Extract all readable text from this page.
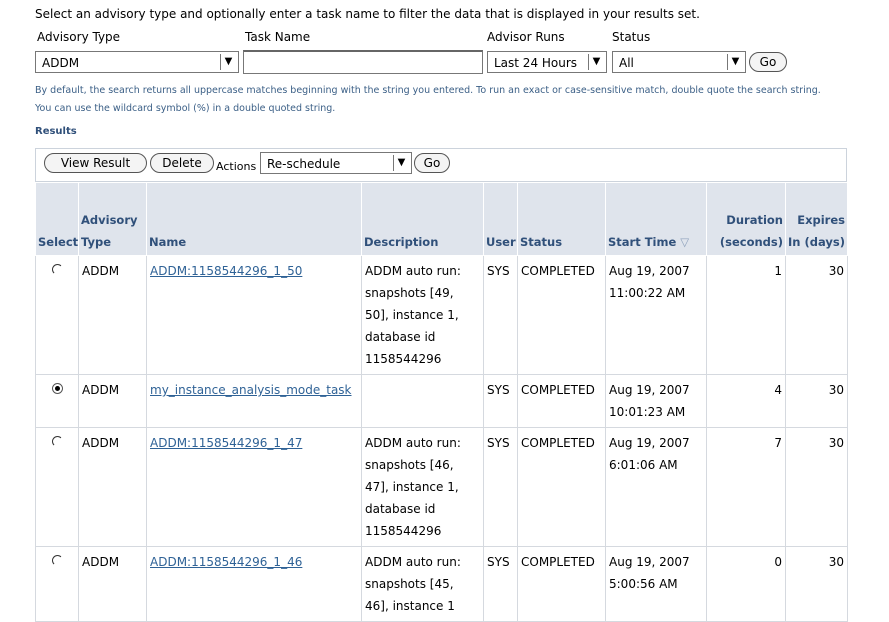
Select an advisory type and optionally enter a task name to filter the data that is displayed in your results set.
Advisory Type	Task Name	Advisor Runs	Status
ADDM	▼	Last 24 Hours	▼	All	▼	Go
By default, the search returns all uppercase matches beginning with the string you entered. To run an exact or case-sensitive match, double quote the search string. You can use the wildcard symbol (%) in a double quoted string.
Results
View Result	Delete	Actions Re-schedule	▼	Go
Select	Advisory Type	Name	Description	User	Status	Start Time ▽	Duration (seconds)	Expires In (days)
	ADDM	ADDM:1158544296_1_50	ADDM auto run: snapshots [49, 50], instance 1, database id 1158544296	SYS	COMPLETED	Aug 19, 2007 11:00:22 AM	1	30
	ADDM	my_instance_analysis_mode_task		SYS	COMPLETED	Aug 19, 2007 10:01:23 AM	4	30
	ADDM	ADDM:1158544296_1_47	ADDM auto run: snapshots [46, 47], instance 1, database id 1158544296	SYS	COMPLETED	Aug 19, 2007 6:01:06 AM	7	30
	ADDM	ADDM:1158544296_1_46	ADDM auto run: snapshots [45, 46], instance 1	SYS	COMPLETED	Aug 19, 2007 5:00:56 AM	0	30
